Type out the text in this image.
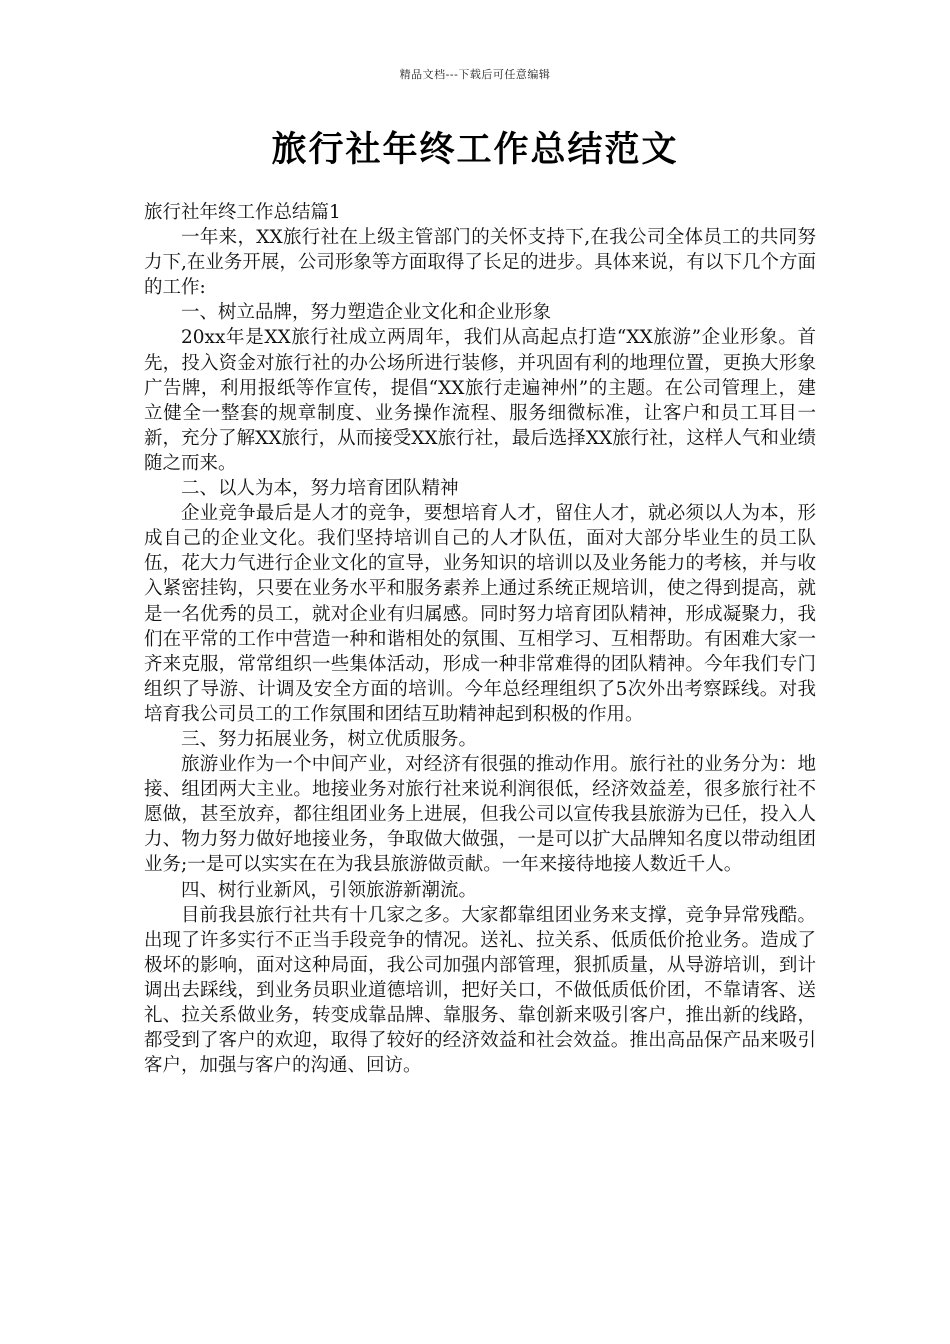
精品文档---下载后可任意编辑
旅行社年终工作总结范文

旅行社年终工作总结篇1

一年来，XX旅行社在上级主管部门的关怀支持下,在我公司全体员工的共同努力下,在业务开展，公司形象等方面取得了长足的进步。具体来说，有以下几个方面的工作:

一、树立品牌，努力塑造企业文化和企业形象

20xx年是XX旅行社成立两周年，我们从高起点打造“XX旅游”企业形象。首先，投入资金对旅行社的办公场所进行装修，并巩固有利的地理位置，更换大形象广告牌，利用报纸等作宣传，提倡“XX旅行走遍神州”的主题。在公司管理上，建立健全一整套的规章制度、业务操作流程、服务细微标准，让客户和员工耳目一新，充分了解XX旅行，从而接受XX旅行社，最后选择XX旅行社，这样人气和业绩随之而来。

二、以人为本，努力培育团队精神

企业竞争最后是人才的竞争，要想培育人才，留住人才，就必须以人为本，形成自己的企业文化。我们坚持培训自己的人才队伍，面对大部分毕业生的员工队伍，花大力气进行企业文化的宣导，业务知识的培训以及业务能力的考核，并与收入紧密挂钩，只要在业务水平和服务素养上通过系统正规培训，使之得到提高，就是一名优秀的员工，就对企业有归属感。同时努力培育团队精神，形成凝聚力，我们在平常的工作中营造一种和谐相处的氛围、互相学习、互相帮助。有困难大家一齐来克服，常常组织一些集体活动，形成一种非常难得的团队精神。今年我们专门组织了导游、计调及安全方面的培训。今年总经理组织了5次外出考察踩线。对我培育我公司员工的工作氛围和团结互助精神起到积极的作用。

三、努力拓展业务，树立优质服务。

旅游业作为一个中间产业，对经济有很强的推动作用。旅行社的业务分为：地接、组团两大主业。地接业务对旅行社来说利润很低，经济效益差，很多旅行社不愿做，甚至放弃，都往组团业务上进展，但我公司以宣传我县旅游为已任，投入人力、物力努力做好地接业务，争取做大做强，一是可以扩大品牌知名度以带动组团业务;一是可以实实在在为我县旅游做贡献。一年来接待地接人数近千人。

四、树行业新风，引领旅游新潮流。

目前我县旅行社共有十几家之多。大家都靠组团业务来支撑，竞争异常残酷。出现了许多实行不正当手段竞争的情况。送礼、拉关系、低质低价抢业务。造成了极坏的影响，面对这种局面，我公司加强内部管理，狠抓质量，从导游培训，到计调出去踩线，到业务员职业道德培训，把好关口，不做低质低价团，不靠请客、送礼、拉关系做业务，转变成靠品牌、靠服务、靠创新来吸引客户，推出新的线路，都受到了客户的欢迎，取得了较好的经济效益和社会效益。推出高品保产品来吸引客户，加强与客户的沟通、回访。
